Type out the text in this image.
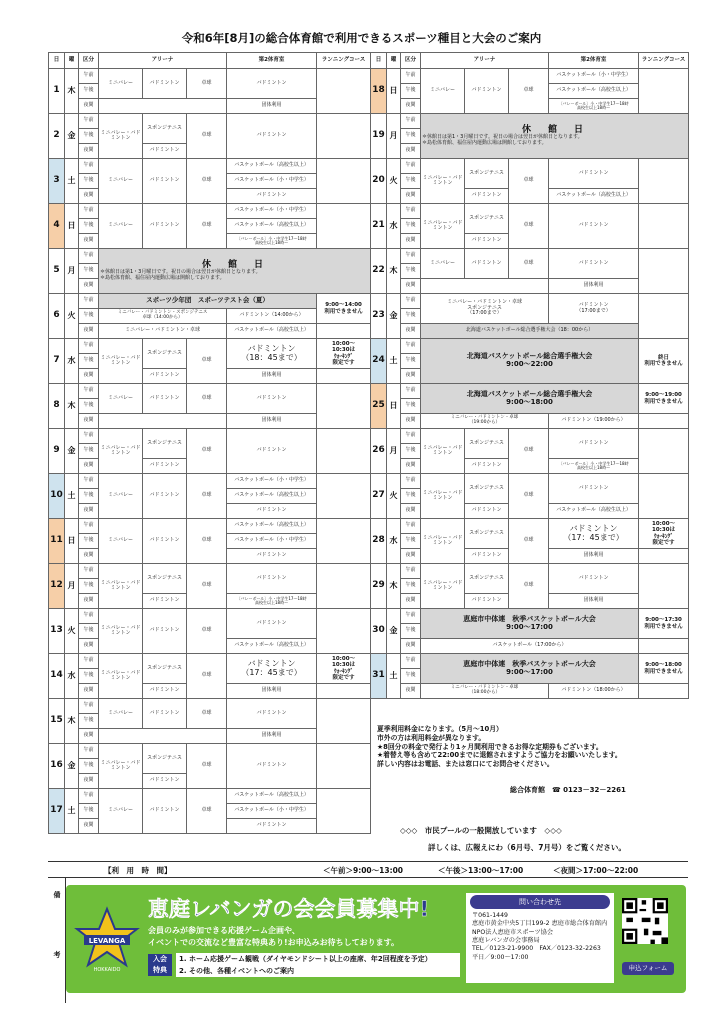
令和6年[8月]の総合体育館で利用できるスポーツ種目と大会のご案内
日	曜	区分	アリーナ			第2体育室	ランニングコース
1	木	午前	ミニバレー	バドミントン	卓球	バドミントン	
		午後					
		夜間				団体利用	
2	金	午前	ミニバレー・バドミントン	スポンジテニス	卓球	バドミントン	
		午後					
		夜間		バドミントン			
3	土	午前	ミニバレー	バドミントン	卓球	バスケットボール（高校生以上）	
		午後				バスケットボール（小・中学生）	
		夜間				バドミントン	
4	日	午前	ミニバレー	バドミントン	卓球	バスケットボール（小・中学生）	
		午後				バスケットボール（高校生以上）	
		夜間				〔バレーボール〕小・中学生17～18時
高校生以上18時～	
5	月	午前	休　館　日
＊休館日は第1・3月曜日です。祝日の場合は翌日が休館日となります。
＊島松体育館、福住屋内運動広場は開館しております。				

		午後					
		夜間					
6	火	午前	スポーツ少年団　スポーツテスト会（夏）				9:00～14:00
利用できません
		午後	ミニバレー・バドミントン・スポンジテニス
卓球（14:00から）			バドミントン（14:00から）	
		夜間	ミニバレー・バドミントン・卓球			バスケットボール（高校生以上）	
7	水	午前	ミニバレー・バドミントン	スポンジテニス	卓球	バドミントン
（18：45まで）	10:00～
10:30は
ｳｫｰｷﾝｸﾞ
限定です
		午後					
		夜間		バドミントン		団体利用	
8	木	午前	ミニバレー	バドミントン	卓球	バドミントン	
		午後					
		夜間				団体利用	
9	金	午前	ミニバレー・バドミントン	スポンジテニス	卓球	バドミントン	
		午後					
		夜間		バドミントン			
10	土	午前	ミニバレー	バドミントン	卓球	バスケットボール（小・中学生）	
		午後				バスケットボール（高校生以上）	
		夜間				バドミントン	
11	日	午前	ミニバレー	バドミントン	卓球	バスケットボール（高校生以上）	
		午後				バスケットボール（小・中学生）	
		夜間				バドミントン	
12	月	午前	ミニバレー・バドミントン	スポンジテニス	卓球	バドミントン	
		午後					
		夜間		バドミントン		〔バレーボール〕小・中学生17～18時
高校生以上18時～	
13	火	午前	ミニバレー・バドミントン	バドミントン	卓球	バドミントン	
		午後					
		夜間				バスケットボール（高校生以上）	
14	水	午前	ミニバレー・バドミントン	スポンジテニス	卓球	バドミントン
（17：45まで）	10:00～
10:30は
ｳｫｰｷﾝｸﾞ
限定です
		午後					
		夜間		バドミントン		団体利用	
15	木	午前	ミニバレー	バドミントン	卓球	バドミントン	
		午後					
		夜間				団体利用	
16	金	午前	ミニバレー・バドミントン	スポンジテニス	卓球	バドミントン	
		午後					
		夜間		バドミントン			
17	土	午前	ミニバレー	バドミントン	卓球	バスケットボール（高校生以上）	
		午後				バスケットボール（小・中学生）	
		夜間				バドミントン	
日	曜	区分	アリーナ			第2体育室	ランニングコース
18	日	午前	ミニバレー	バドミントン	卓球	バスケットボール（小・中学生）	
		午後				バスケットボール（高校生以上）	
		夜間				〔バレーボール〕小・中学生17～18時
高校生以上18時～	
19	月	午前	休　館　日
＊休館日は第1・3月曜日です。祝日の場合は翌日が休館日となります。
＊島松体育館、福住屋内運動広場は開館しております。				

		午後					
		夜間					
20	火	午前	ミニバレー・バドミントン	スポンジテニス	卓球	バドミントン	
		午後					
		夜間		バドミントン		バスケットボール（高校生以上）	
21	水	午前	ミニバレー・バドミントン	スポンジテニス	卓球	バドミントン	
		午後					
		夜間		バドミントン			
22	木	午前	ミニバレー	バドミントン	卓球	バドミントン	
		午後					
		夜間				団体利用	
23	金	午前	ミニバレー・バドミントン・卓球
スポンジテニス
（17:00まで）			バドミントン
（17:00まで）	
		午後					
		夜間	北海道バスケットボール総合選手権大会（18：00から）				
24	土	午前	北海道バスケットボール総合選手権大会
9:00～22:00				終日
利用できません
		午後					
		夜間					
25	日	午前	北海道バスケットボール総合選手権大会
9:00～18:00				9:00～19:00
利用できません
		午後					
		夜間	ミニバレー・バドミントン・卓球
（19:00から）			バドミントン（19:00から）	
26	月	午前	ミニバレー・バドミントン	スポンジテニス	卓球	バドミントン	
		午後					
		夜間		バドミントン		〔バレーボール〕小・中学生17～18時
高校生以上18時～	
27	火	午前	ミニバレー・バドミントン	スポンジテニス	卓球	バドミントン	
		午後					
		夜間		バドミントン		バスケットボール（高校生以上）	
28	水	午前	ミニバレー・バドミントン	スポンジテニス	卓球	バドミントン
（17：45まで）	10:00～
10:30は
ｳｫｰｷﾝｸﾞ
限定です
		午後					
		夜間		バドミントン		団体利用	
29	木	午前	ミニバレー・バドミントン	スポンジテニス	卓球	バドミントン	
		午後					
		夜間		バドミントン		団体利用	
30	金	午前	恵庭市中体連　秋季バスケットボール大会
9:00～17:00				9:00～17:30
利用できません
		午後					
		夜間	バスケットボール（17:00から）				
31	土	午前	恵庭市中体連　秋季バスケットボール大会
9:00～17:00				9:00～18:00
利用できません
		午後					
		夜間	ミニバレー・バドミントン・卓球
（18:00から）			バドミントン（18:00から）	
夏季利用料金になります。（5月～10月）
市外の方は利用料金が異なります。
★8回分の料金で発行より1ヶ月間利用できるお得な定期券もございます。
★着替え等も含めて22:00までに退館されますようご協力をお願いいたします。
詳しい内容はお電話、または窓口にてお問合せください。
総合体育館　 ☎ 0123－32－2261
◇◇◇　市民プールの一般開放しています　◇◇◇
詳しくは、広報えにわ（6月号、7月号）をご覧ください。
【利　用　時　間】	＜午前＞9:00～13:00	＜午後＞13:00～17:00	＜夜間＞17:00～22:00
備
考
LEVANGA
HOKKAIDO
恵庭レバンガの会会員募集中!
会員のみが参加できる応援ゲーム企画や、
イベントでの交流など豊富な特典あり!お申込みお待ちしております。
入会
特典
1. ホーム応援ゲーム観戦（ダイヤモンドシート以上の座席、年2回程度を予定）
2. その他、各種イベントへのご案内
問い合わせ先
〒061-1449
恵庭市黄金中央5丁目199-2 恵庭市総合体育館内
NPO法人恵庭市スポーツ協会
恵庭レバンガの会事務局
TEL／0123-21-9900　FAX／0123-32-2263
平日／9:00～17:00
申込フォーム
